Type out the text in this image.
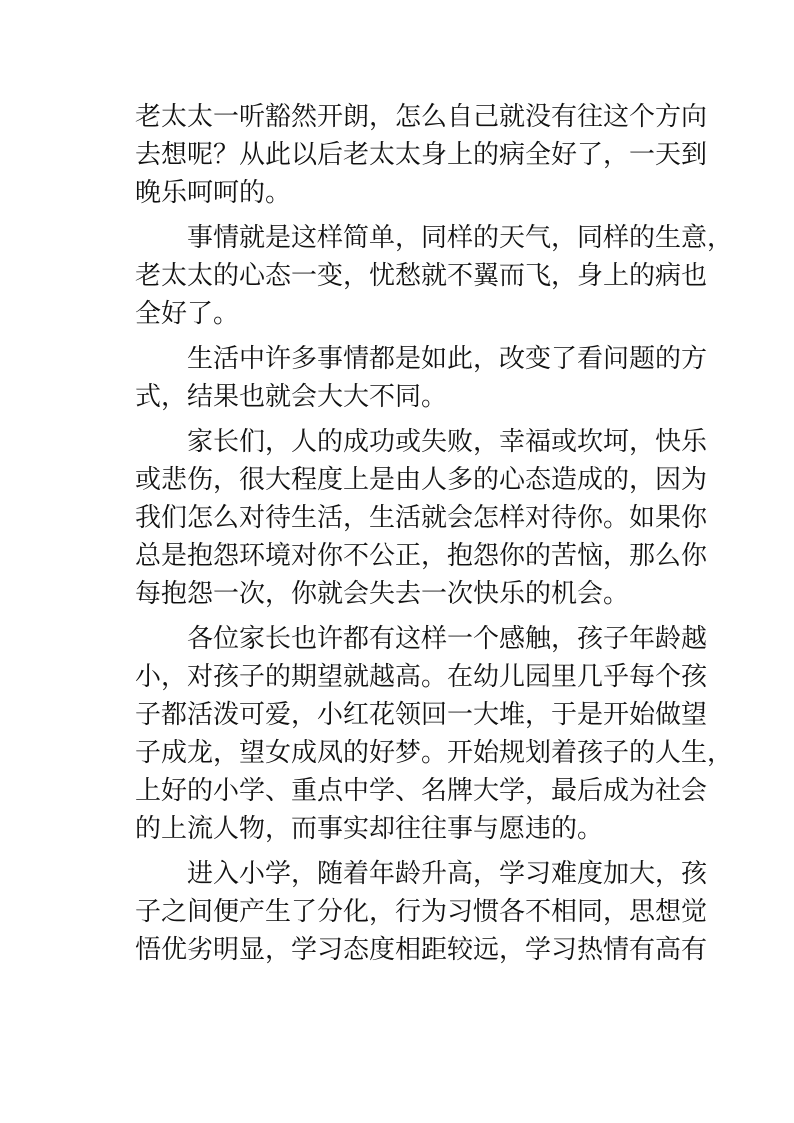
老太太一听豁然开朗，怎么自己就没有往这个方向
去想呢？从此以后老太太身上的病全好了，一天到
晚乐呵呵的。
事情就是这样简单，同样的天气，同样的生意，
老太太的心态一变，忧愁就不翼而飞，身上的病也
全好了。
生活中许多事情都是如此，改变了看问题的方
式，结果也就会大大不同。
家长们，人的成功或失败，幸福或坎坷，快乐
或悲伤，很大程度上是由人多的心态造成的，因为
我们怎么对待生活，生活就会怎样对待你。如果你
总是抱怨环境对你不公正，抱怨你的苦恼，那么你
每抱怨一次，你就会失去一次快乐的机会。
各位家长也许都有这样一个感触，孩子年龄越
小，对孩子的期望就越高。在幼儿园里几乎每个孩
子都活泼可爱，小红花领回一大堆，于是开始做望
子成龙，望女成凤的好梦。开始规划着孩子的人生，
上好的小学、重点中学、名牌大学，最后成为社会
的上流人物，而事实却往往事与愿违的。
进入小学，随着年龄升高，学习难度加大，孩
子之间便产生了分化，行为习惯各不相同，思想觉
悟优劣明显，学习态度相距较远，学习热情有高有
